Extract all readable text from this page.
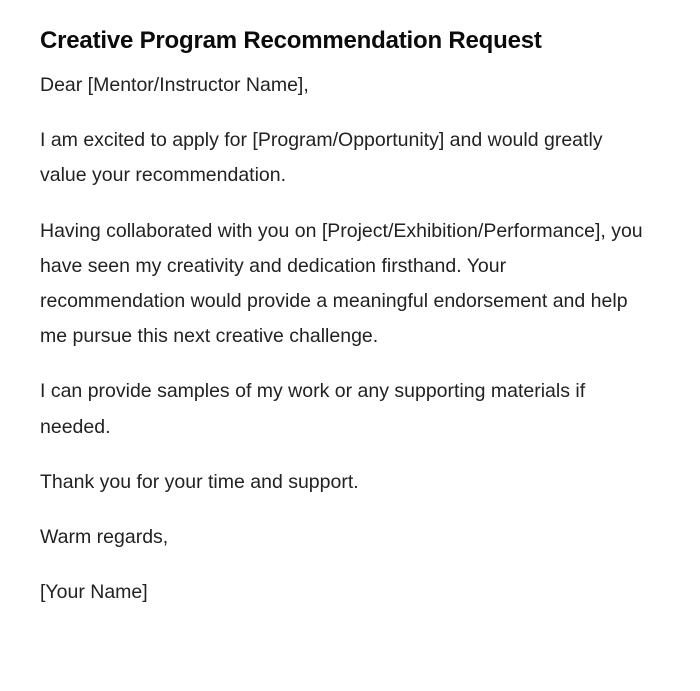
Creative Program Recommendation Request

Dear [Mentor/Instructor Name],

I am excited to apply for [Program/Opportunity] and would greatly value your recommendation.

Having collaborated with you on [Project/Exhibition/Performance], you have seen my creativity and dedication firsthand. Your recommendation would provide a meaningful endorsement and help me pursue this next creative challenge.

I can provide samples of my work or any supporting materials if needed.

Thank you for your time and support.

Warm regards,

[Your Name]
